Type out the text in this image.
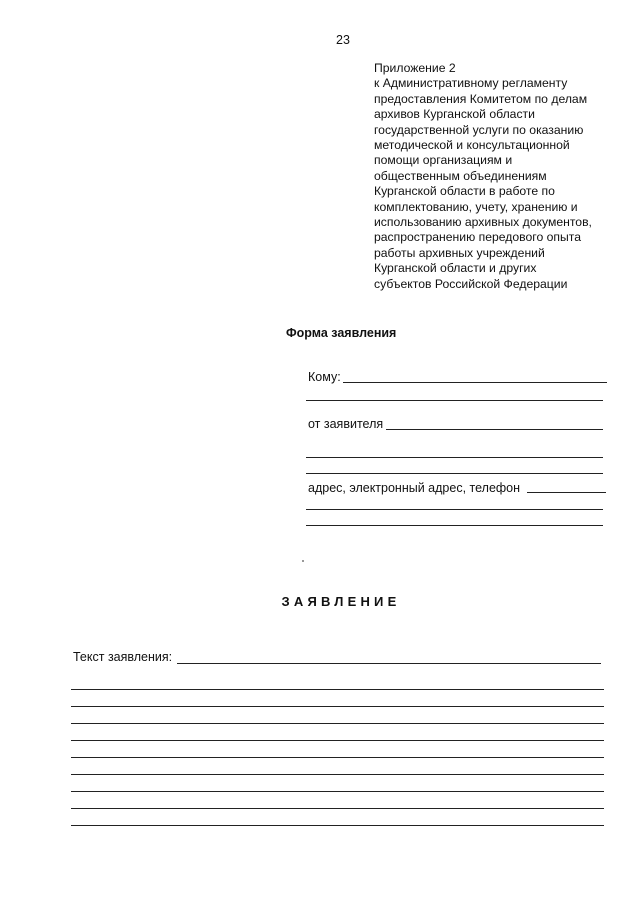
23
Приложение 2
к Административному регламенту
предоставления Комитетом по делам
архивов Курганской области
государственной услуги по оказанию
методической и консультационной
помощи организациям и
общественным объединениям
Курганской области в работе по
комплектованию, учету, хранению и
использованию архивных документов,
распространению передового опыта
работы архивных учреждений
Курганской области и других
субъектов Российской Федерации
Форма заявления
Кому:
от заявителя
адрес, электронный адрес, телефон
ЗАЯВЛЕНИЕ
Текст заявления:
